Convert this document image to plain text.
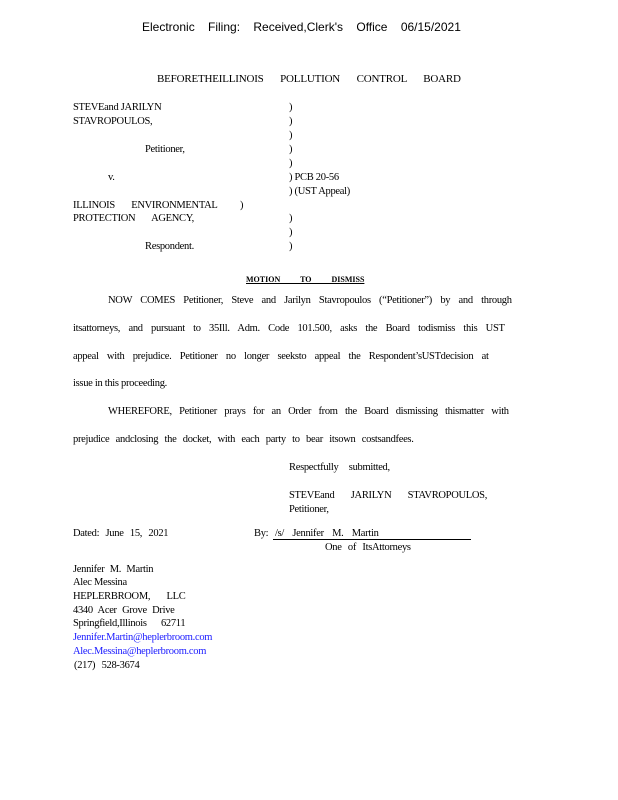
Electronic Filing: Received,Clerk's Office 06/15/2021
BEFORETHEILLINOIS POLLUTION CONTROL BOARD
STEVEand JARILYN
STAVROPOULOS,
Petitioner,
v.
ILLINOIS ENVIRONMENTAL )
PROTECTION AGENCY,
Respondent.
)
)
)
)
)
) PCB 20-56
) (UST Appeal)
)
)
)
MOTION TO DISMISS
NOW COMES Petitioner, Steve and Jarilyn Stavropoulos (“Petitioner”) by and through
itsattorneys, and pursuant to 35Ill. Adm. Code 101.500, asks the Board todismiss this UST
appeal with prejudice. Petitioner no longer seeksto appeal the Respondent’sUSTdecision at
issue in this proceeding.
WHEREFORE, Petitioner prays for an Order from the Board dismissing thismatter with
prejudice andclosing the docket, with each party to bear itsown costsandfees.
Respectfully submitted,
STEVEand JARILYN STAVROPOULOS,
Petitioner,
Dated: June 15, 2021	By: /s/ Jennifer M. Martin
One of ItsAttorneys
Jennifer M. Martin
Alec Messina
HEPLERBROOM, LLC
4340 Acer Grove Drive
Springfield,Illinois 62711
Jennifer.Martin@heplerbroom.com
Alec.Messina@heplerbroom.com
(217) 528-3674
